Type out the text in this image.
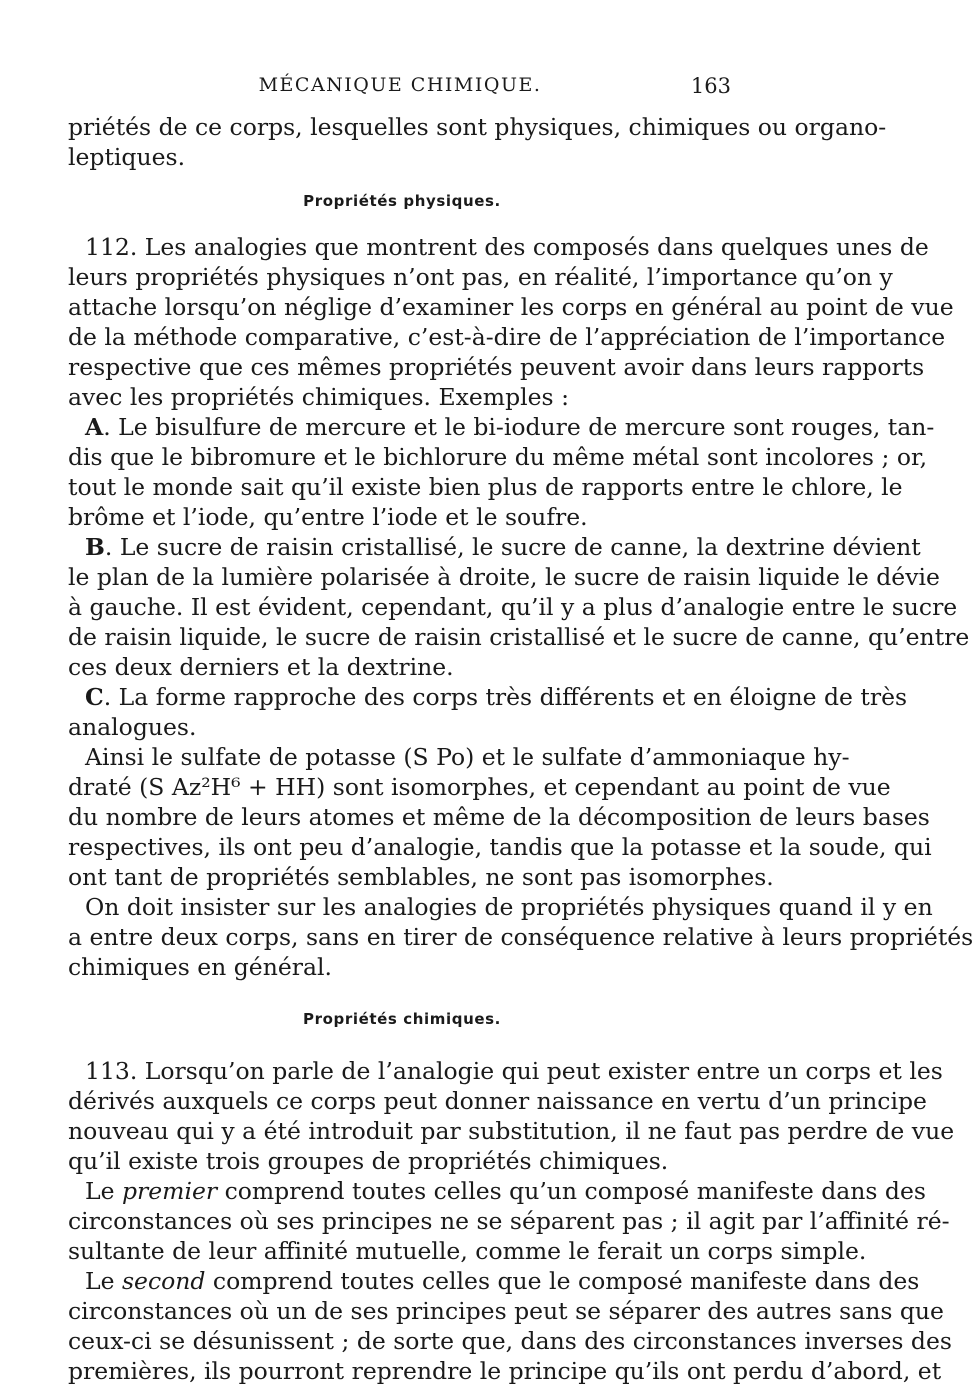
MÉCANIQUE CHIMIQUE.	163
priétés de ce corps, lesquelles sont physiques, chimiques ou organo-
leptiques.
Propriétés physiques.
112. Les analogies que montrent des composés dans quelques unes de
leurs propriétés physiques n’ont pas, en réalité, l’importance qu’on y
attache lorsqu’on néglige d’examiner les corps en général au point de vue
de la méthode comparative, c’est-à-dire de l’appréciation de l’importance
respective que ces mêmes propriétés peuvent avoir dans leurs rapports
avec les propriétés chimiques. Exemples :
A. Le bisulfure de mercure et le bi-iodure de mercure sont rouges, tan-
dis que le bibromure et le bichlorure du même métal sont incolores ; or,
tout le monde sait qu’il existe bien plus de rapports entre le chlore, le
brôme et l’iode, qu’entre l’iode et le soufre.
B. Le sucre de raisin cristallisé, le sucre de canne, la dextrine dévient
le plan de la lumière polarisée à droite, le sucre de raisin liquide le dévie
à gauche. Il est évident, cependant, qu’il y a plus d’analogie entre le sucre
de raisin liquide, le sucre de raisin cristallisé et le sucre de canne, qu’entre
ces deux derniers et la dextrine.
C. La forme rapproche des corps très différents et en éloigne de très
analogues.
Ainsi le sulfate de potasse (S Po) et le sulfate d’ammoniaque hy-
draté (S Az²H⁶ + HH) sont isomorphes, et cependant au point de vue
du nombre de leurs atomes et même de la décomposition de leurs bases
respectives, ils ont peu d’analogie, tandis que la potasse et la soude, qui
ont tant de propriétés semblables, ne sont pas isomorphes.
On doit insister sur les analogies de propriétés physiques quand il y en
a entre deux corps, sans en tirer de conséquence relative à leurs propriétés
chimiques en général.
Propriétés chimiques.
113. Lorsqu’on parle de l’analogie qui peut exister entre un corps et les
dérivés auxquels ce corps peut donner naissance en vertu d’un principe
nouveau qui y a été introduit par substitution, il ne faut pas perdre de vue
qu’il existe trois groupes de propriétés chimiques.
Le premier comprend toutes celles qu’un composé manifeste dans des
circonstances où ses principes ne se séparent pas ; il agit par l’affinité ré-
sultante de leur affinité mutuelle, comme le ferait un corps simple.
Le second comprend toutes celles que le composé manifeste dans des
circonstances où un de ses principes peut se séparer des autres sans que
ceux-ci se désunissent ; de sorte que, dans des circonstances inverses des
premières, ils pourront reprendre le principe qu’ils ont perdu d’abord, et
